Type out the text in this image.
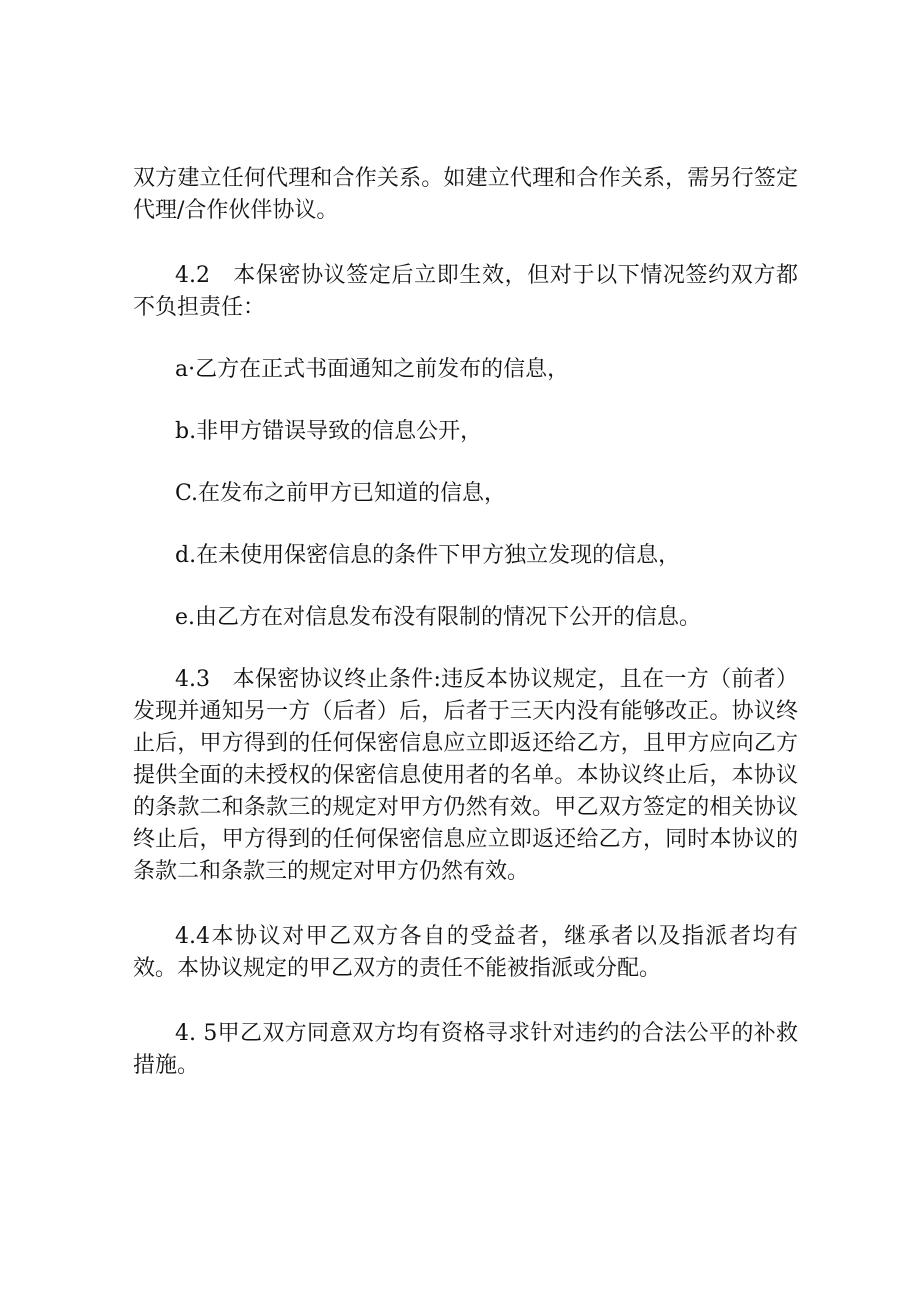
双方建立任何代理和合作关系。如建立代理和合作关系，需另行签定代理/合作伙伴协议。

4.2　本保密协议签定后立即生效，但对于以下情况签约双方都不负担责任：

a·乙方在正式书面通知之前发布的信息，

b.非甲方错误导致的信息公开，

C.在发布之前甲方已知道的信息，

d.在未使用保密信息的条件下甲方独立发现的信息，

e.由乙方在对信息发布没有限制的情况下公开的信息。

4.3　本保密协议终止条件:违反本协议规定，且在一方（前者）发现并通知另一方（后者）后，后者于三天内没有能够改正。协议终止后，甲方得到的任何保密信息应立即返还给乙方，且甲方应向乙方提供全面的未授权的保密信息使用者的名单。本协议终止后，本协议的条款二和条款三的规定对甲方仍然有效。甲乙双方签定的相关协议终止后，甲方得到的任何保密信息应立即返还给乙方，同时本协议的条款二和条款三的规定对甲方仍然有效。

4.4本协议对甲乙双方各自的受益者，继承者以及指派者均有效。本协议规定的甲乙双方的责任不能被指派或分配。

4. 5甲乙双方同意双方均有资格寻求针对违约的合法公平的补救措施。
